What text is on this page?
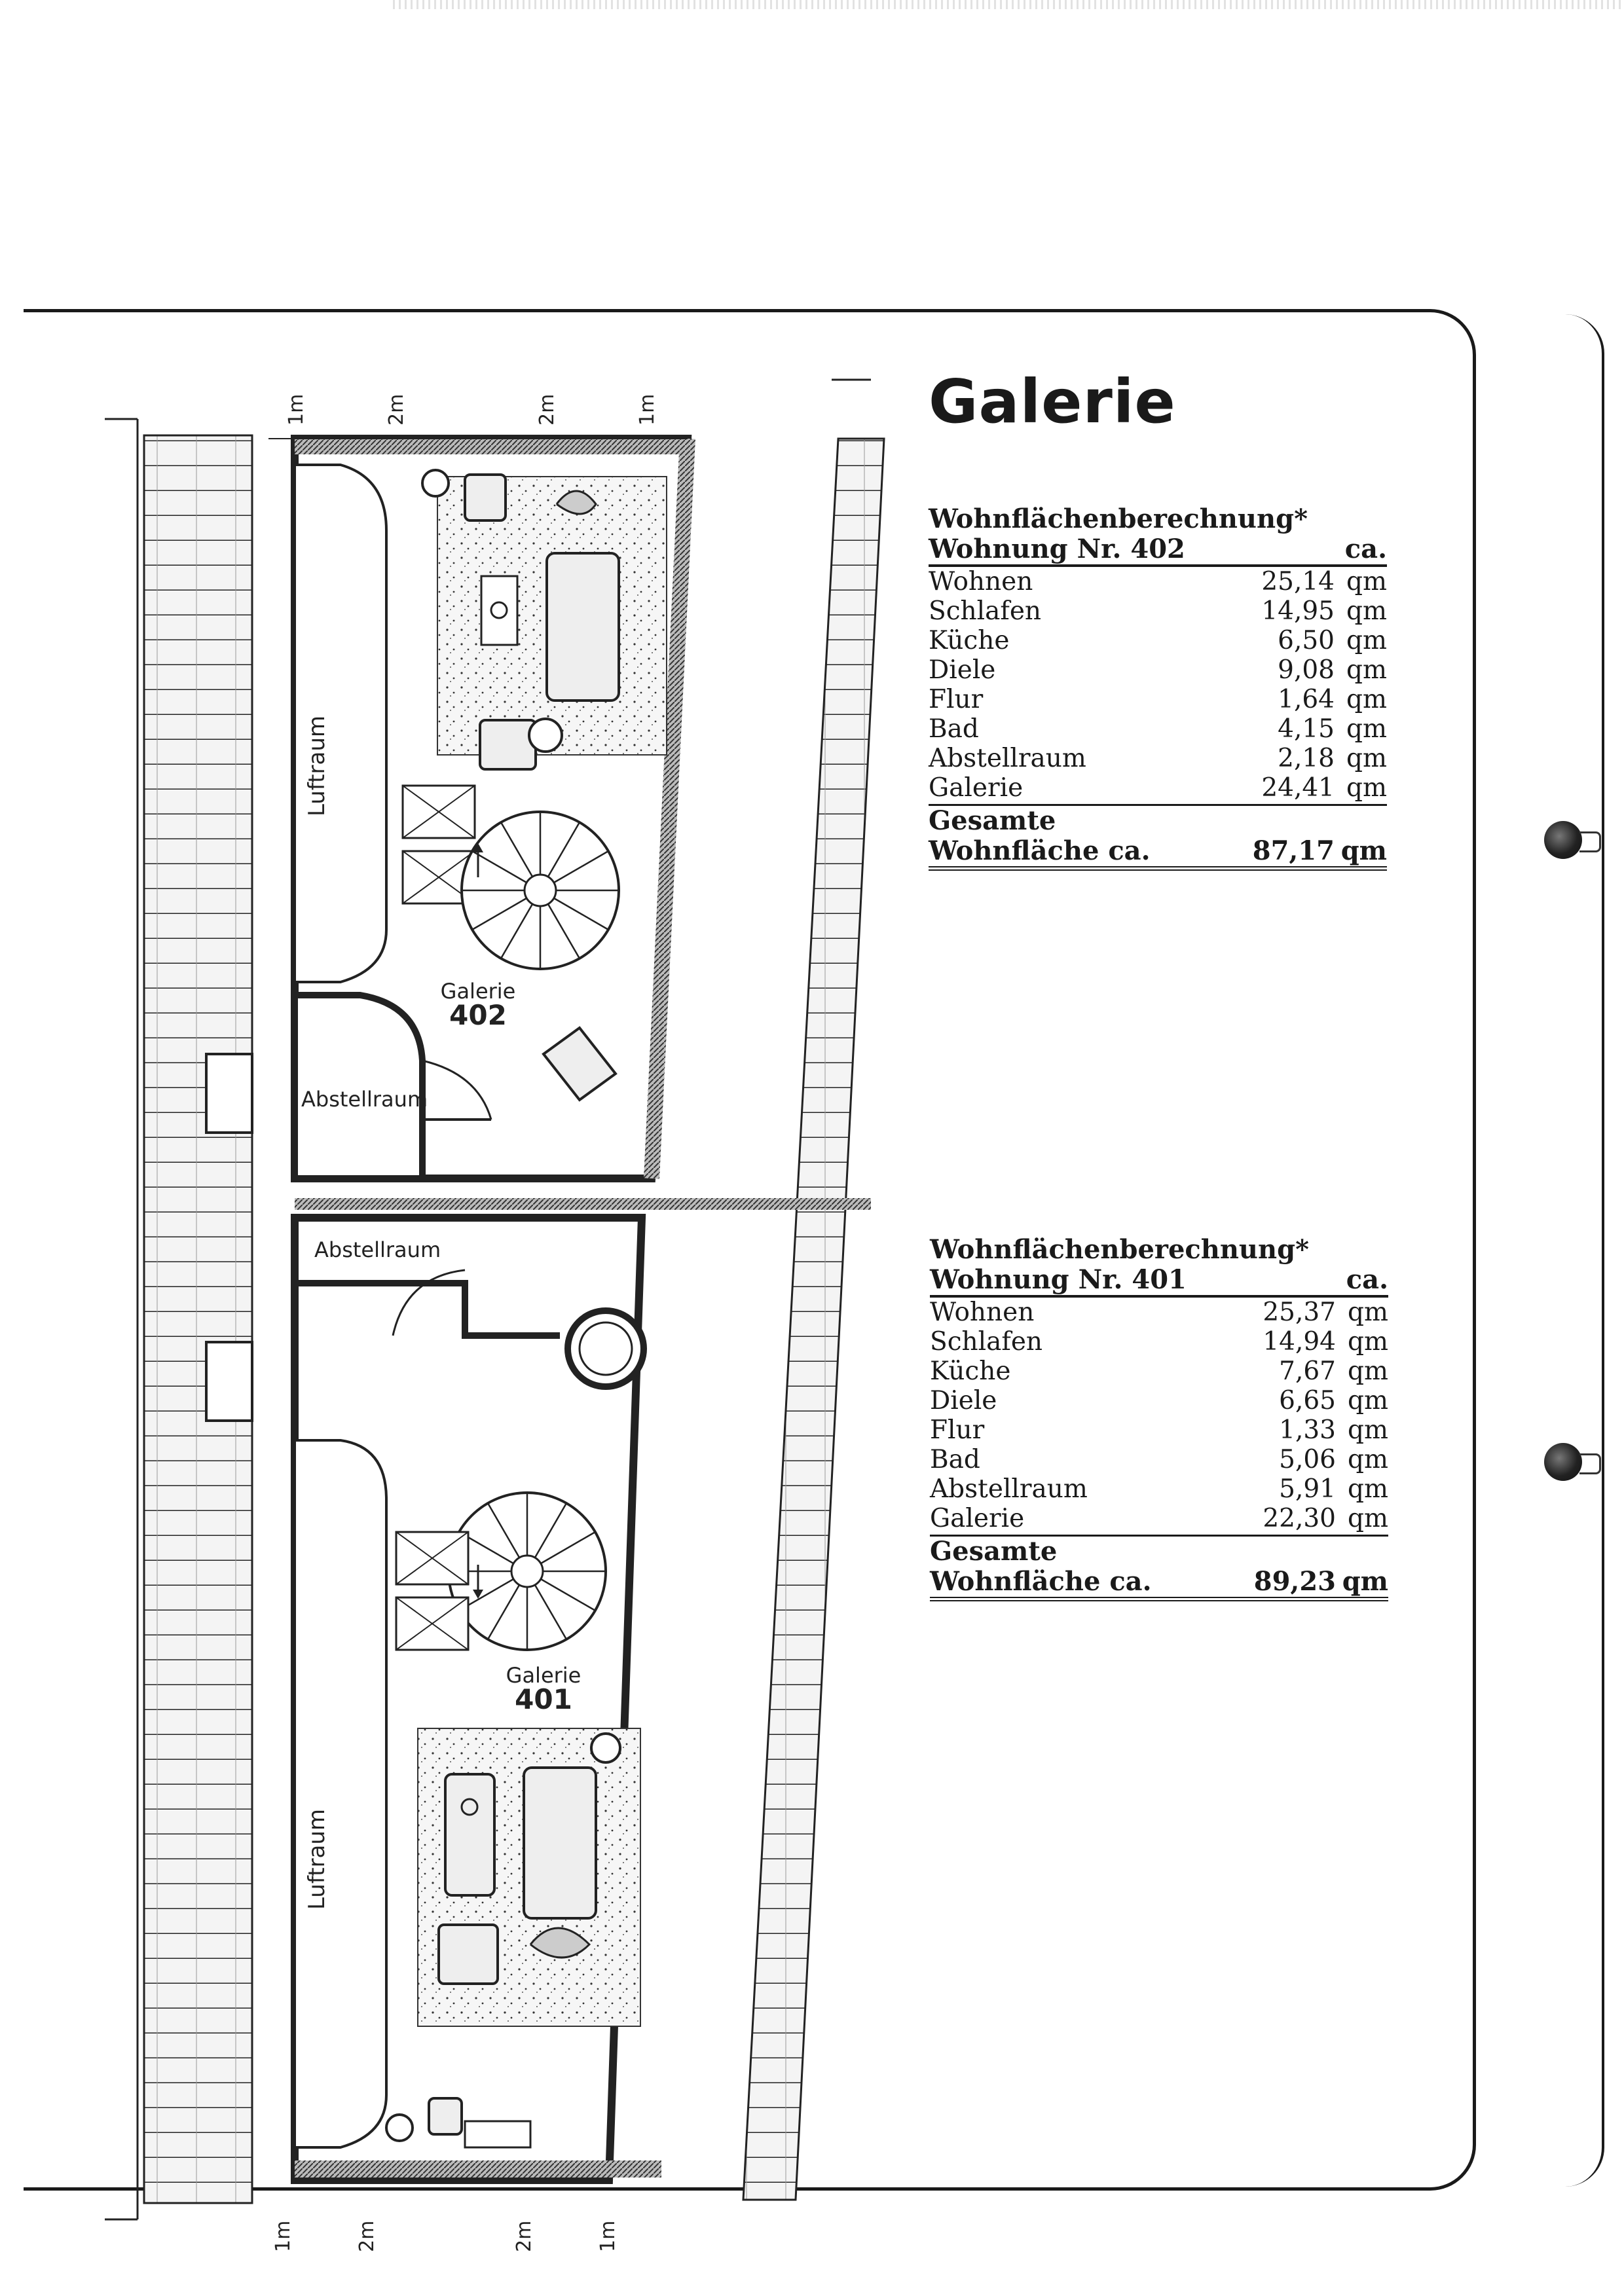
Luftraum
Galerie
402
Abstellraum
Abstellraum
Luftraum
Galerie
401
1m	2m	2m	1m
1m	2m	2m	1m
Galerie
Wohnflächenberechnung*
Wohnung Nr. 402	ca.
Wohnen	25,14 qm
Schlafen	14,95 qm
Küche	6,50 qm
Diele	9,08 qm
Flur	1,64 qm
Bad	4,15 qm
Abstellraum	2,18 qm
Galerie	24,41 qm
Gesamte
Wohnfläche ca.	87,17 qm
Wohnflächenberechnung*
Wohnung Nr. 401	ca.
Wohnen	25,37 qm
Schlafen	14,94 qm
Küche	7,67 qm
Diele	6,65 qm
Flur	1,33 qm
Bad	5,06 qm
Abstellraum	5,91 qm
Galerie	22,30 qm
Gesamte
Wohnfläche ca.	89,23 qm
